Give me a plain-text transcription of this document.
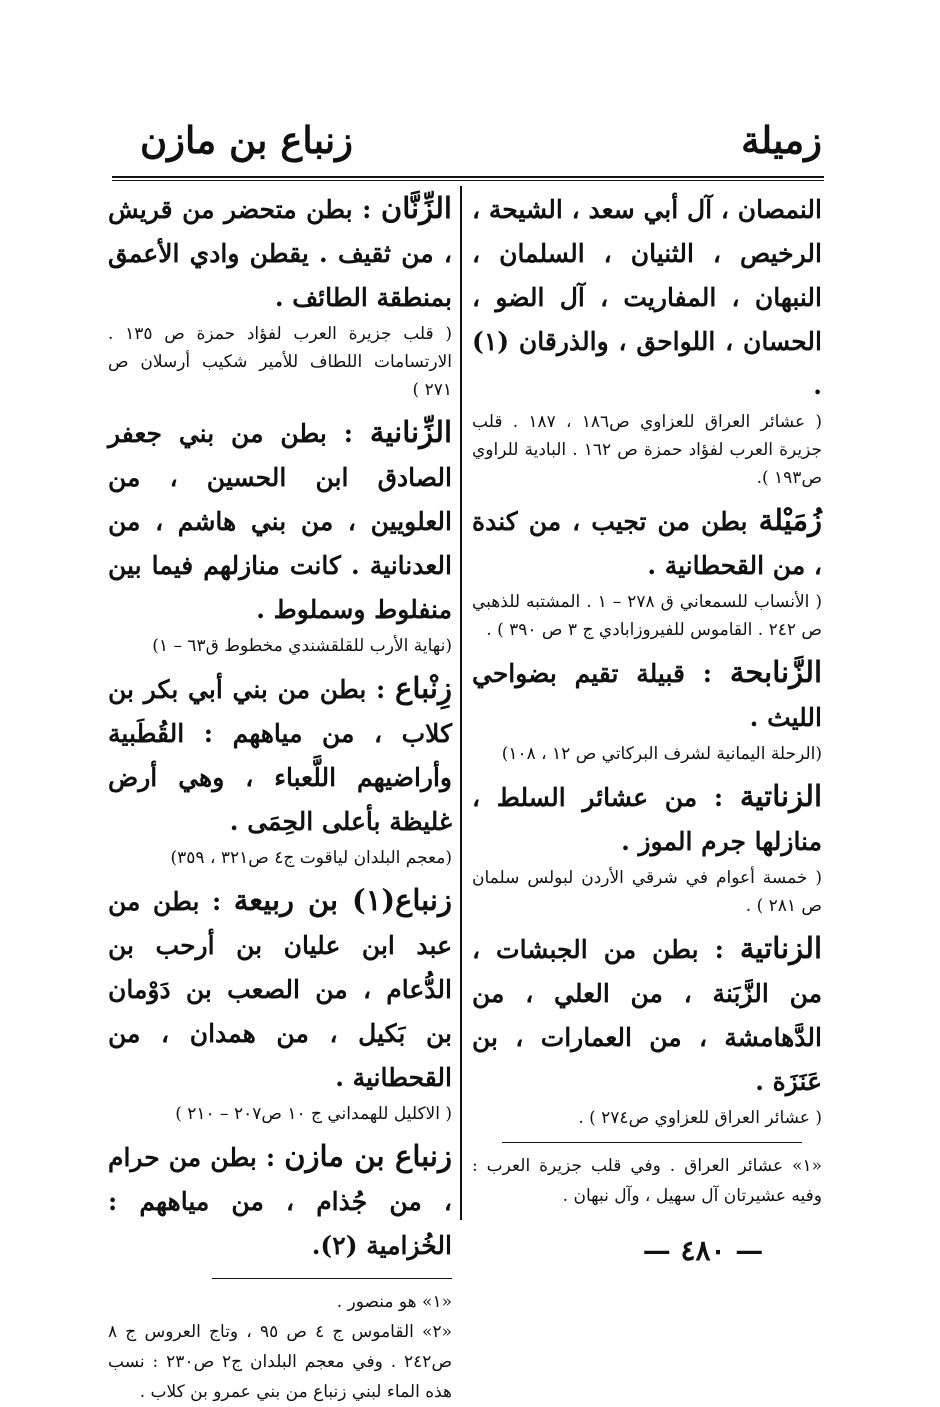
زميلة
زنباع بن مازن

النمصان ، آل أبي سعد ، الشيحة ، الرخيص ، الثنيان ، السلمان ، النبهان ، المفاريت ، آل الضو ، الحسان ، اللواحق ، والذرقان (١) .

( عشائر العراق للعزاوي ص١٨٦ ، ١٨٧ . قلب جزيرة العرب لفؤاد حمزة ص ١٦٢ . البادية للراوي ص١٩٣ ).

زُمَيْلة بطن من تجيب ، من كندة ، من القحطانية .

( الأنساب للسمعاني ق ٢٧٨ – ١ . المشتبه للذهبي ص ٢٤٢ . القاموس للفيروزابادي ج ٣ ص ٣٩٠ ) .

الزَّنابحة : قبيلة تقيم بضواحي الليث .

(الرحلة اليمانية لشرف البركاتي ص ١٢ ، ١٠٨)

الزناتية : من عشائر السلط ، منازلها جرم الموز .

( خمسة أعوام في شرقي الأردن لبولس سلمان ص ٢٨١ ) .

الزناتية : بطن من الجبشات ، من الزَّبَنة ، من العلي ، من الدَّهامشة ، من العمارات ، بن عَنَزَة .

( عشائر العراق للعزاوي ص٢٧٤ ) .

«١» عشائر العراق . وفي قلب جزيرة العرب : وفيه عشيرتان آل سهيل ، وآل نبهان .

الزِّنَّان : بطن متحضر من قريش ، من ثقيف . يقطن وادي الأعمق بمنطقة الطائف .

( قلب جزيرة العرب لفؤاد حمزة ص ١٣٥ . الارتسامات اللطاف للأمير شكيب أرسلان ص ٢٧١ )

الزِّنانية : بطن من بني جعفر الصادق ابن الحسين ، من العلويين ، من بني هاشم ، من العدنانية . كانت منازلهم فيما بين منفلوط وسملوط .

(نهاية الأرب للقلقشندي مخطوط ق٦٣ – ١)

زِنْباع : بطن من بني أبي بكر بن كلاب ، من مياههم : القُطَبية وأراضيهم اللَّعباء ، وهي أرض غليظة بأعلى الحِمَى .

(معجم البلدان لياقوت ج٤ ص٣٢١ ، ٣٥٩)

زنباع(١) بن ربيعة : بطن من عبد ابن عليان بن أرحب بن الدُّعام ، من الصعب بن دَوْمان بن بَكيل ، من همدان ، من القحطانية .

( الاكليل للهمداني ج ١٠ ص٢٠٧ – ٢١٠ )

زنباع بن مازن : بطن من حرام ، من جُذام ، من مياههم : الخُزامية (٢).

«١» هو منصور .

«٢» القاموس ج ٤ ص ٩٥ ، وتاج العروس ج ٨ ص٢٤٢ . وفي معجم البلدان ج٢ ص٢٣٠ : نسب هذه الماء لبني زنباع من بني عمرو بن كلاب .

— ٤٨٠ —
